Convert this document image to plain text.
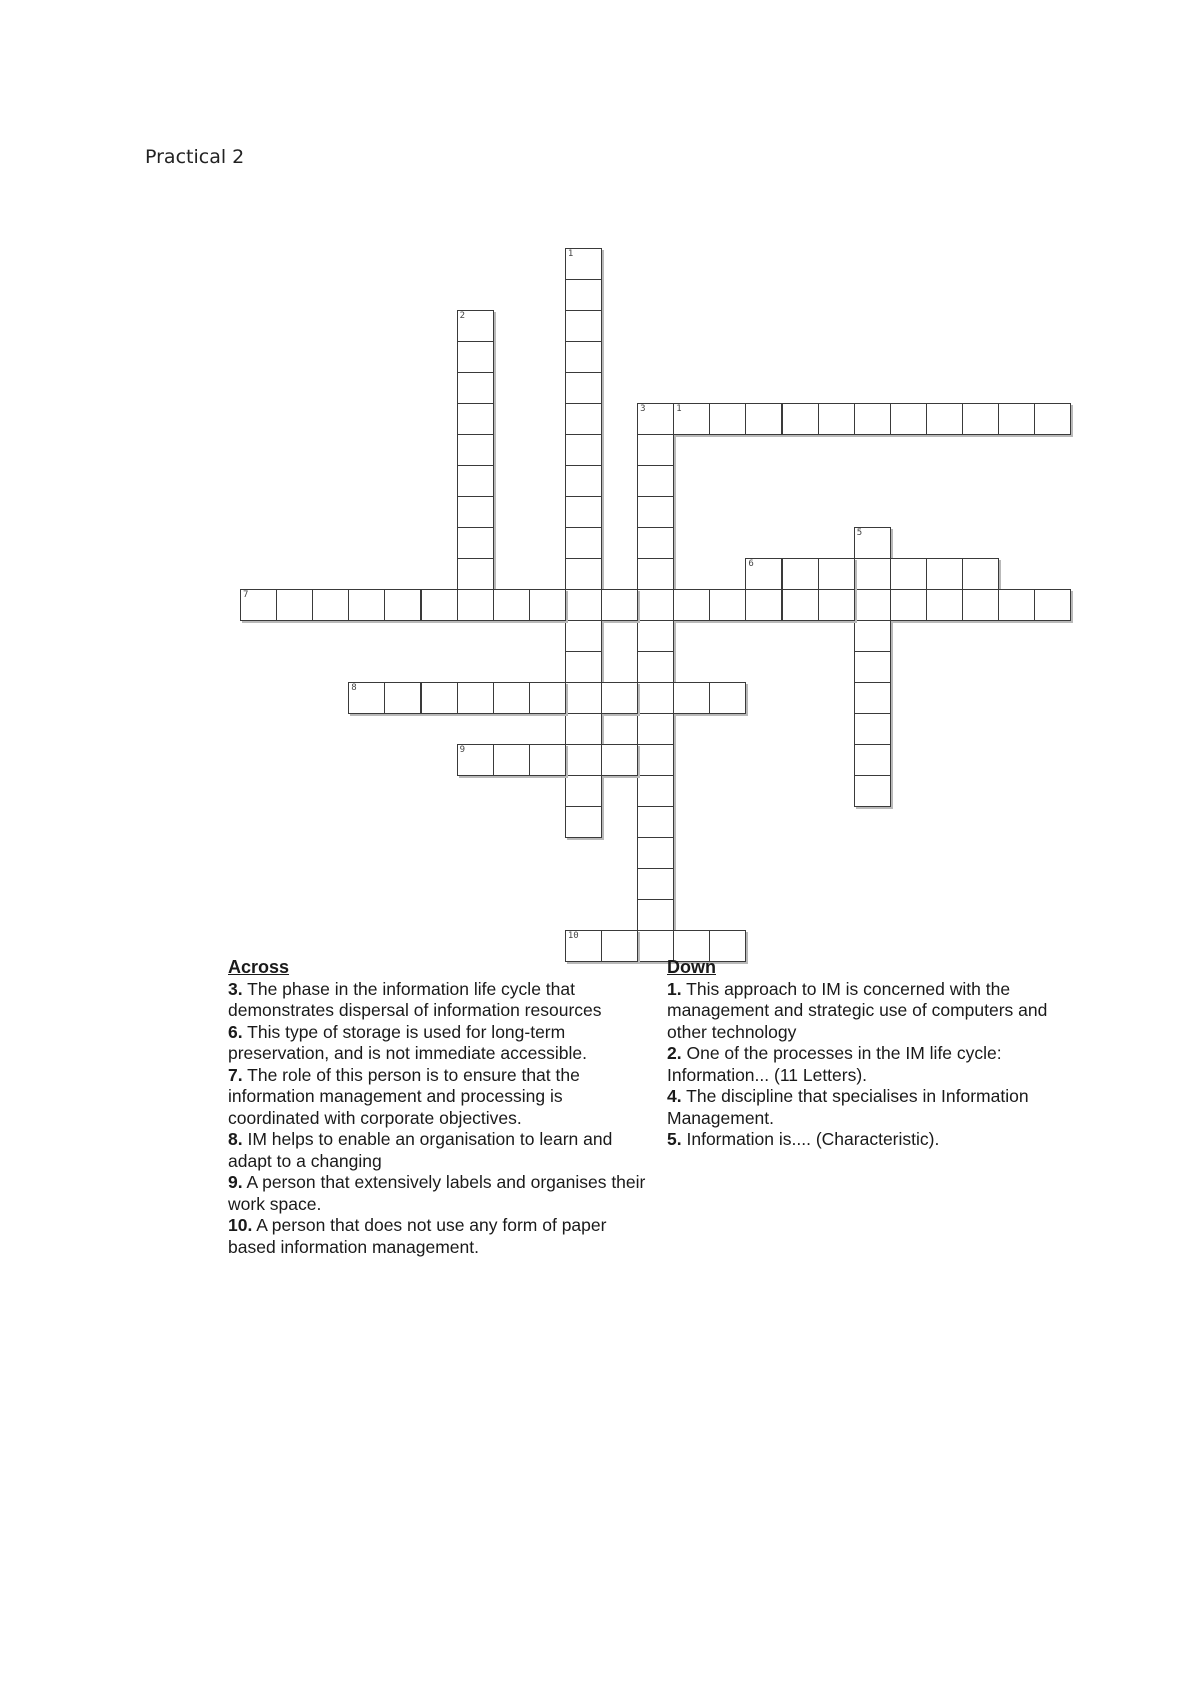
Practical 2
1
2
3
5
1
6
7
8
9
10
Across

3. The phase in the information life cycle that demonstrates dispersal of information resources

6. This type of storage is used for long-term preservation, and is not immediate accessible.

7. The role of this person is to ensure that the information management and processing is coordinated with corporate objectives.

8. IM helps to enable an organisation to learn and adapt to a changing

9. A person that extensively labels and organises their work space.

10. A person that does not use any form of paper based information management.

Down

1. This approach to IM is concerned with the management and strategic use of computers and other technology

2. One of the processes in the IM life cycle: Information... (11 Letters).

4. The discipline that specialises in Information Management.

5. Information is.... (Characteristic).
